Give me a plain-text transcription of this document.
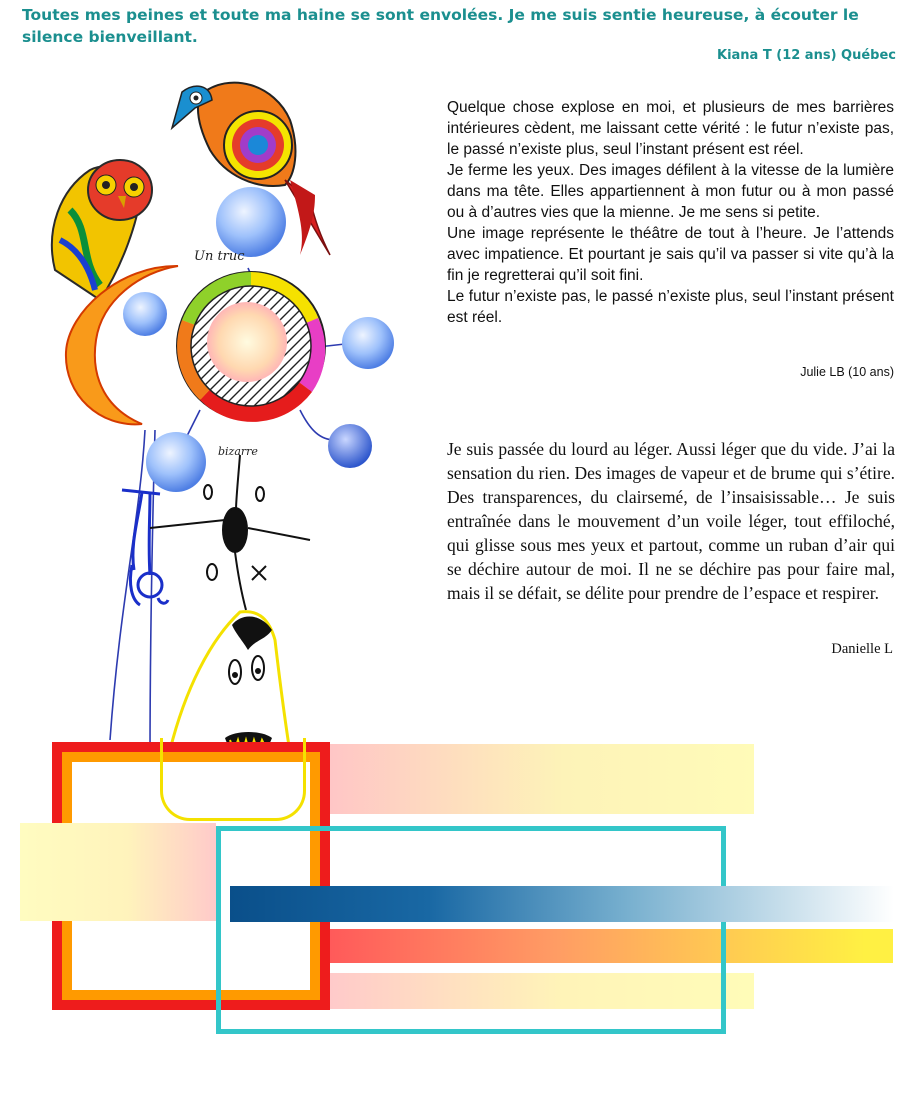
Toutes mes peines et toute ma haine se sont envolées. Je me suis sentie heureuse, à écouter le silence bienveillant.
Kiana T (12 ans) Québec
Un truc
bizarre

Quelque chose explose en moi, et plusieurs de mes barrières intérieures cèdent, me laissant cette vérité : le futur n’existe pas, le passé n’existe plus, seul l’instant présent est réel.

Je ferme les yeux. Des images défilent à la vitesse de la lumière dans ma tête. Elles appartiennent à mon futur ou à mon passé ou à d’autres vies que la mienne. Je me sens si petite.

Une image représente le théâtre de tout à l’heure. Je l’attends avec impatience. Et pourtant je sais qu’il va passer si vite qu’à la fin je regretterai qu’il soit fini.

Le futur n’existe pas, le passé n’existe plus, seul l’instant présent est réel.

Julie LB (10 ans)
Je suis passée du lourd au léger. Aussi léger que du vide. J’ai la sensation du rien. Des images de vapeur et de brume qui s’étire. Des transparences, du clairsemé, de l’insaisissable… Je suis entraînée dans le mouvement d’un voile léger, tout effiloché, qui glisse sous mes yeux et partout, comme un ruban d’air qui se déchire autour de moi. Il ne se déchire pas pour faire mal, mais il se défait, se délite pour prendre de l’espace et respirer.
Danielle L
